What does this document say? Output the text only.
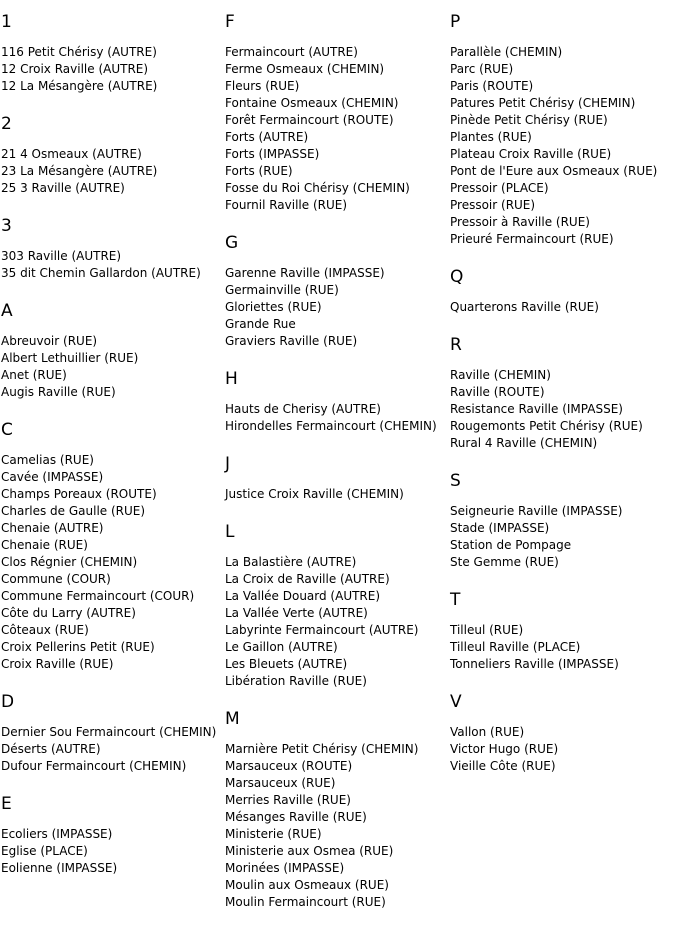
1
116 Petit Chérisy (AUTRE)
12 Croix Raville (AUTRE)
12 La Mésangère (AUTRE)
2
21 4 Osmeaux (AUTRE)
23 La Mésangère (AUTRE)
25 3 Raville (AUTRE)
3
303 Raville (AUTRE)
35 dit Chemin Gallardon (AUTRE)
A
Abreuvoir (RUE)
Albert Lethuillier (RUE)
Anet (RUE)
Augis Raville (RUE)
C
Camelias (RUE)
Cavée (IMPASSE)
Champs Poreaux (ROUTE)
Charles de Gaulle (RUE)
Chenaie (AUTRE)
Chenaie (RUE)
Clos Régnier (CHEMIN)
Commune (COUR)
Commune Fermaincourt (COUR)
Côte du Larry (AUTRE)
Côteaux (RUE)
Croix Pellerins Petit (RUE)
Croix Raville (RUE)
D
Dernier Sou Fermaincourt (CHEMIN)
Déserts (AUTRE)
Dufour Fermaincourt (CHEMIN)
E
Ecoliers (IMPASSE)
Eglise (PLACE)
Eolienne (IMPASSE)
F
Fermaincourt (AUTRE)
Ferme Osmeaux (CHEMIN)
Fleurs (RUE)
Fontaine Osmeaux (CHEMIN)
Forêt Fermaincourt (ROUTE)
Forts (AUTRE)
Forts (IMPASSE)
Forts (RUE)
Fosse du Roi Chérisy (CHEMIN)
Fournil Raville (RUE)
G
Garenne Raville (IMPASSE)
Germainville (RUE)
Gloriettes (RUE)
Grande Rue
Graviers Raville (RUE)
H
Hauts de Cherisy (AUTRE)
Hirondelles Fermaincourt (CHEMIN)
J
Justice Croix Raville (CHEMIN)
L
La Balastière (AUTRE)
La Croix de Raville (AUTRE)
La Vallée Douard (AUTRE)
La Vallée Verte (AUTRE)
Labyrinte Fermaincourt (AUTRE)
Le Gaillon (AUTRE)
Les Bleuets (AUTRE)
Libération Raville (RUE)
M
Marnière Petit Chérisy (CHEMIN)
Marsauceux (ROUTE)
Marsauceux (RUE)
Merries Raville (RUE)
Mésanges Raville (RUE)
Ministerie (RUE)
Ministerie aux Osmea (RUE)
Morinées (IMPASSE)
Moulin aux Osmeaux (RUE)
Moulin Fermaincourt (RUE)
P
Parallèle (CHEMIN)
Parc (RUE)
Paris (ROUTE)
Patures Petit Chérisy (CHEMIN)
Pinède Petit Chérisy (RUE)
Plantes (RUE)
Plateau Croix Raville (RUE)
Pont de l'Eure aux Osmeaux (RUE)
Pressoir (PLACE)
Pressoir (RUE)
Pressoir à Raville (RUE)
Prieuré Fermaincourt (RUE)
Q
Quarterons Raville (RUE)
R
Raville (CHEMIN)
Raville (ROUTE)
Resistance Raville (IMPASSE)
Rougemonts Petit Chérisy (RUE)
Rural 4 Raville (CHEMIN)
S
Seigneurie Raville (IMPASSE)
Stade (IMPASSE)
Station de Pompage
Ste Gemme (RUE)
T
Tilleul (RUE)
Tilleul Raville (PLACE)
Tonneliers Raville (IMPASSE)
V
Vallon (RUE)
Victor Hugo (RUE)
Vieille Côte (RUE)
